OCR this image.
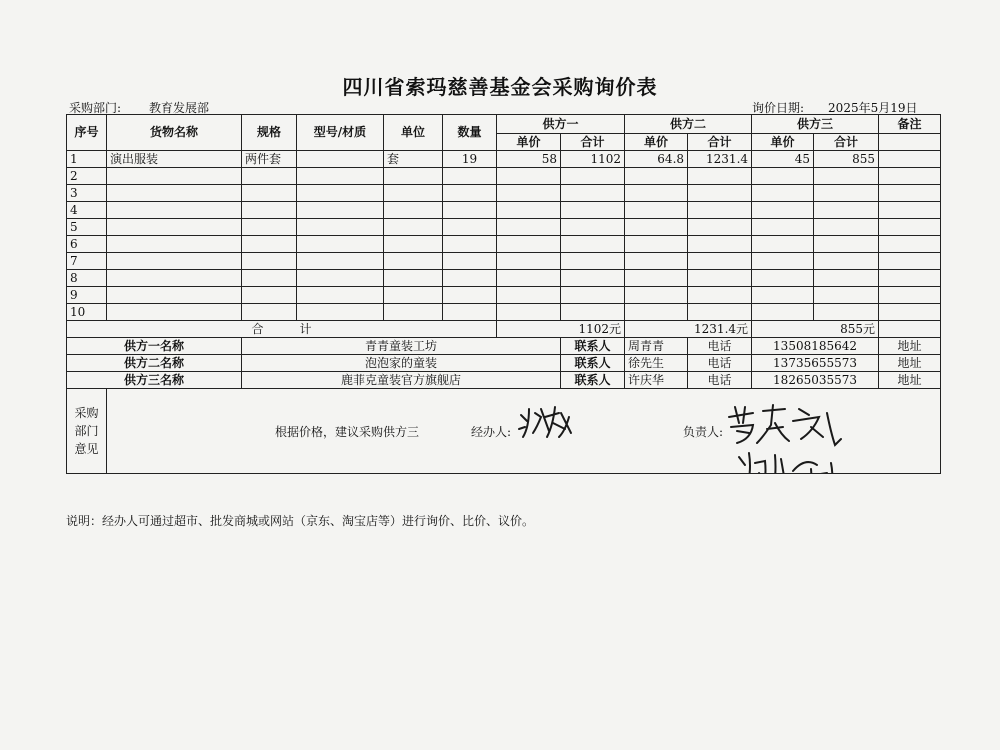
四川省索玛慈善基金会采购询价表
采购部门: 教育发展部	询价日期: 2025年5月19日
序号	货物名称	规格	型号/材质	单位	数量	供方一		供方二		供方三		备注	
						单价	合计	单价	合计	单价	合计		
1	演出服装	两件套		套	19	58	1102	64.8	1231.4	45	855		
2													
3													
4													
5													
6													
7													
8													
9													
10													
合　　　计						1102元		1231.4元		855元			
供方一名称		青青童装工坊					联系人	周青青	电话	13508185642		地址	
供方二名称		泡泡家的童装					联系人	徐先生	电话	13735655573		地址	
供方三名称		鹿菲克童装官方旗舰店					联系人	许庆华	电话	18265035573		地址	
采购部门意见	根据价格，建议采购供方三 经办人: 负责人:												
说明：经办人可通过超市、批发商城或网站（京东、淘宝店等）进行询价、比价、议价。
